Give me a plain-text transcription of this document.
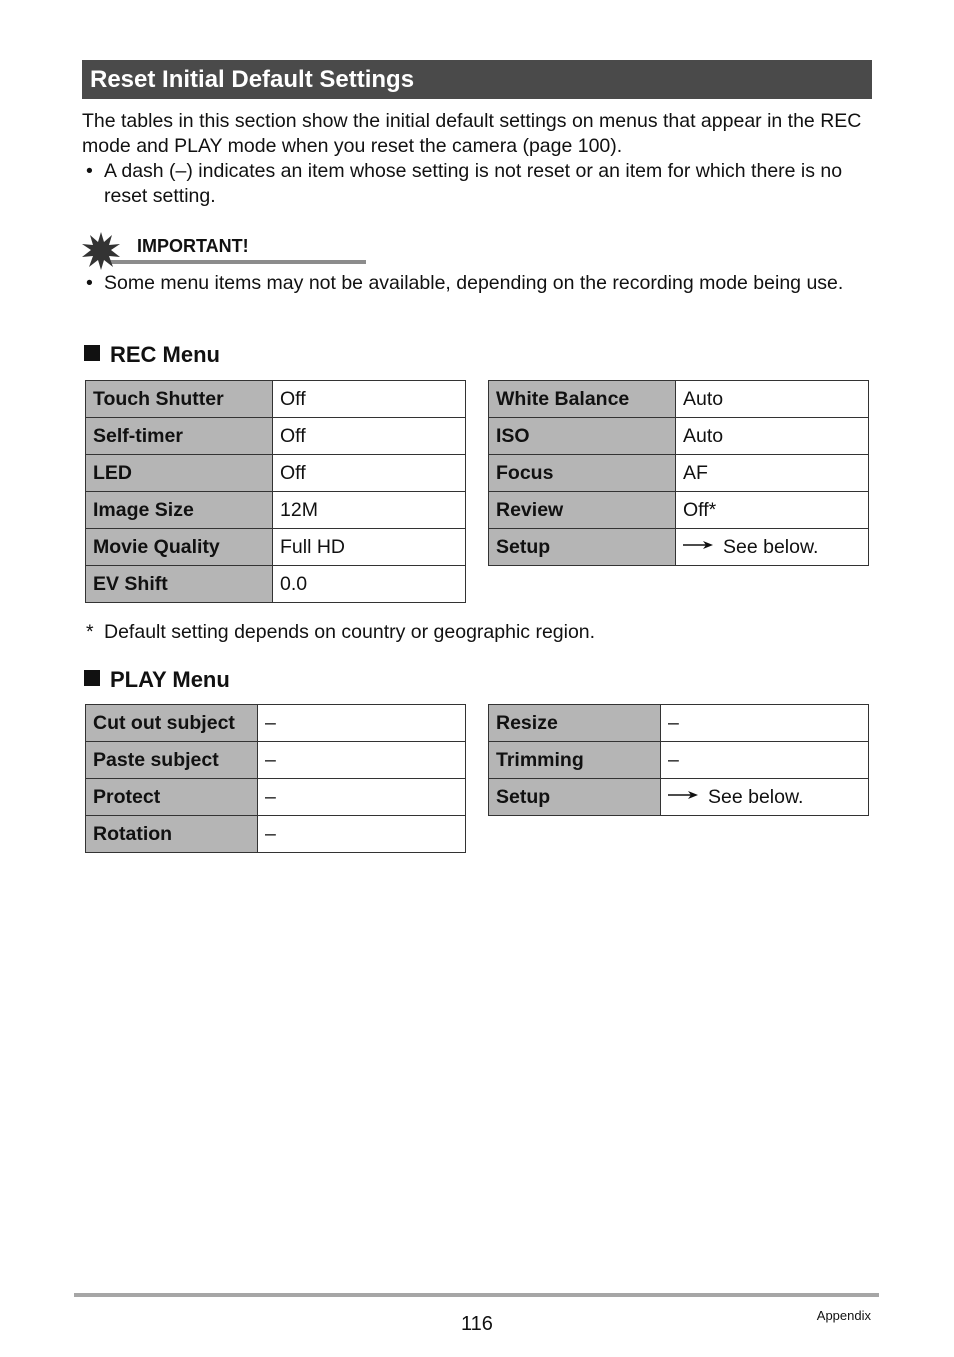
Reset Initial Default Settings
The tables in this section show the initial default settings on menus that appear in the REC mode and PLAY mode when you reset the camera (page 100).
• A dash (–) indicates an item whose setting is not reset or an item for which there is no reset setting.
IMPORTANT!
• Some menu items may not be available, depending on the recording mode being use.
REC Menu
Touch Shutter	Off
Self-timer	Off
LED	Off
Image Size	12M
Movie Quality	Full HD
EV Shift	0.0
White Balance	Auto
ISO	Auto
Focus	AF
Review	Off*
Setup	See below.
* Default setting depends on country or geographic region.
PLAY Menu
Cut out subject	–
Paste subject	–
Protect	–
Rotation	–
Resize	–
Trimming	–
Setup	See below.
116	Appendix
